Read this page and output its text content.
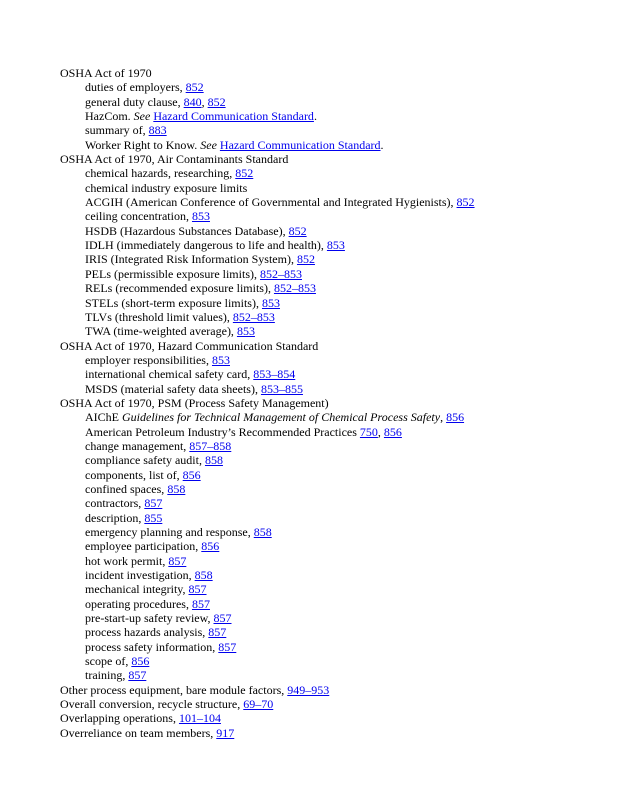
OSHA Act of 1970
duties of employers, 852
general duty clause, 840, 852
HazCom. See Hazard Communication Standard.
summary of, 883
Worker Right to Know. See Hazard Communication Standard.
OSHA Act of 1970, Air Contaminants Standard
chemical hazards, researching, 852
chemical industry exposure limits
ACGIH (American Conference of Governmental and Integrated Hygienists), 852
ceiling concentration, 853
HSDB (Hazardous Substances Database), 852
IDLH (immediately dangerous to life and health), 853
IRIS (Integrated Risk Information System), 852
PELs (permissible exposure limits), 852–853
RELs (recommended exposure limits), 852–853
STELs (short-term exposure limits), 853
TLVs (threshold limit values), 852–853
TWA (time-weighted average), 853
OSHA Act of 1970, Hazard Communication Standard
employer responsibilities, 853
international chemical safety card, 853–854
MSDS (material safety data sheets), 853–855
OSHA Act of 1970, PSM (Process Safety Management)
AIChE Guidelines for Technical Management of Chemical Process Safety, 856
American Petroleum Industry’s Recommended Practices 750, 856
change management, 857–858
compliance safety audit, 858
components, list of, 856
confined spaces, 858
contractors, 857
description, 855
emergency planning and response, 858
employee participation, 856
hot work permit, 857
incident investigation, 858
mechanical integrity, 857
operating procedures, 857
pre-start-up safety review, 857
process hazards analysis, 857
process safety information, 857
scope of, 856
training, 857
Other process equipment, bare module factors, 949–953
Overall conversion, recycle structure, 69–70
Overlapping operations, 101–104
Overreliance on team members, 917
